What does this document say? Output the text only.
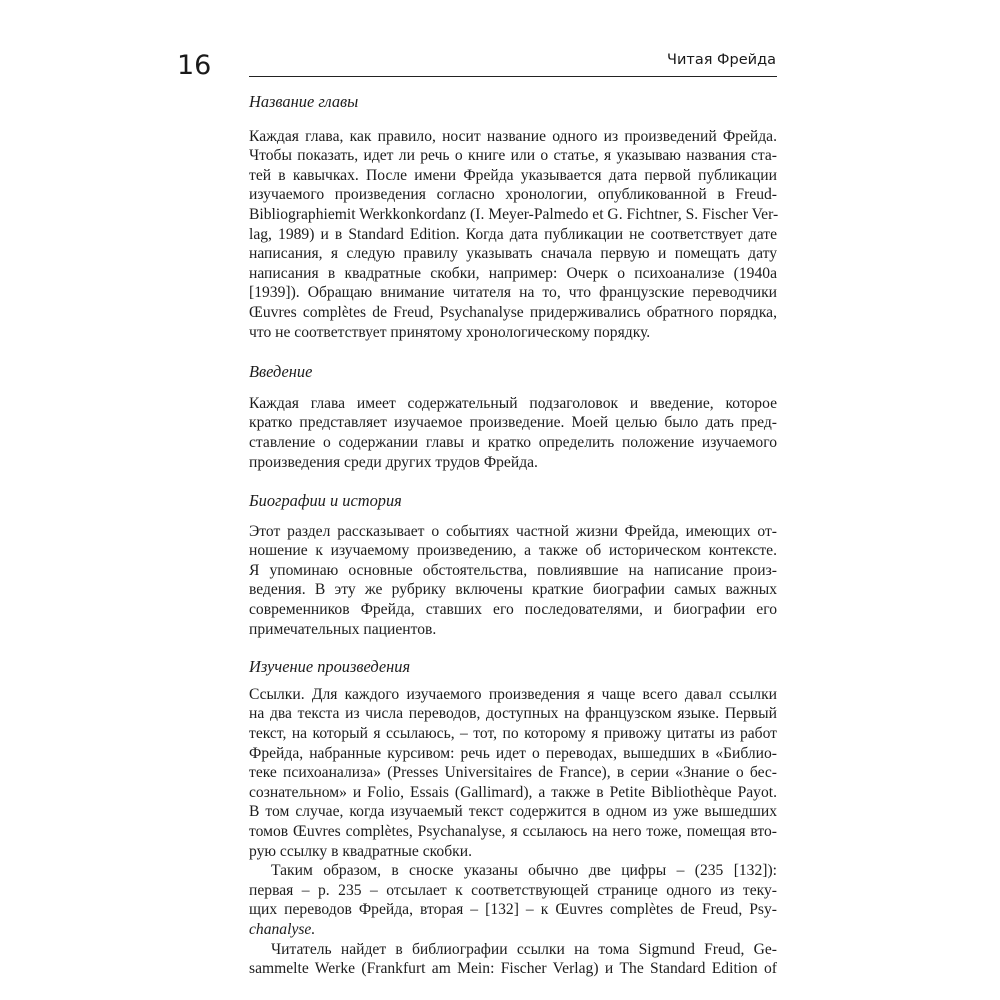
16	Читая Фрейда
Название главы
Каждая глава, как правило, носит название одного из произведений Фрейда.
Чтобы показать, идет ли речь о книге или о статье, я указываю названия ста-
тей в кавычках. После имени Фрейда указывается дата первой публикации
изучаемого произведения согласно хронологии, опубликованной в Freud-
Bibliographiemit Werkkonkordanz (I. Meyer-Palmedo et G. Fichtner, S. Fischer Ver-
lag, 1989) и в Standard Edition. Когда дата публикации не соответствует дате
написания, я следую правилу указывать сначала первую и помещать дату
написания в квадратные скобки, например: Очерк о психоанализе (1940а
[1939]). Обращаю внимание читателя на то, что французские переводчики
Œuvres complètes de Freud, Psychanalyse придерживались обратного порядка,
что не соответствует принятому хронологическому порядку.
Введение
Каждая глава имеет содержательный подзаголовок и введение, которое
кратко представляет изучаемое произведение. Моей целью было дать пред-
ставление о содержании главы и кратко определить положение изучаемого
произведения среди других трудов Фрейда.
Биографии и история
Этот раздел рассказывает о событиях частной жизни Фрейда, имеющих от-
ношение к изучаемому произведению, а также об историческом контексте.
Я упоминаю основные обстоятельства, повлиявшие на написание произ-
ведения. В эту же рубрику включены краткие биографии самых важных
современников Фрейда, ставших его последователями, и биографии его
примечательных пациентов.
Изучение произведения
Ссылки. Для каждого изучаемого произведения я чаще всего давал ссылки
на два текста из числа переводов, доступных на французском языке. Первый
текст, на который я ссылаюсь, – тот, по которому я привожу цитаты из работ
Фрейда, набранные курсивом: речь идет о переводах, вышедших в «Библио-
теке психоанализа» (Presses Universitaires de France), в серии «Знание о бес-
сознательном» и Folio, Essais (Gallimard), а также в Petite Bibliothèque Payot.
В том случае, когда изучаемый текст содержится в одном из уже вышедших
томов Œuvres complètes, Psychanalyse, я ссылаюсь на него тоже, помещая вто-
рую ссылку в квадратные скобки.
Таким образом, в сноске указаны обычно две цифры – (235 [132]):
первая – р. 235 – отсылает к соответствующей странице одного из теку-
щих переводов Фрейда, вторая – [132] – к Œuvres complètes de Freud, Psy-
chanalyse.
Читатель найдет в библиографии ссылки на тома Sigmund Freud, Ge-
sammelte Werke (Frankfurt am Mein: Fischer Verlag) и The Standard Edition of
